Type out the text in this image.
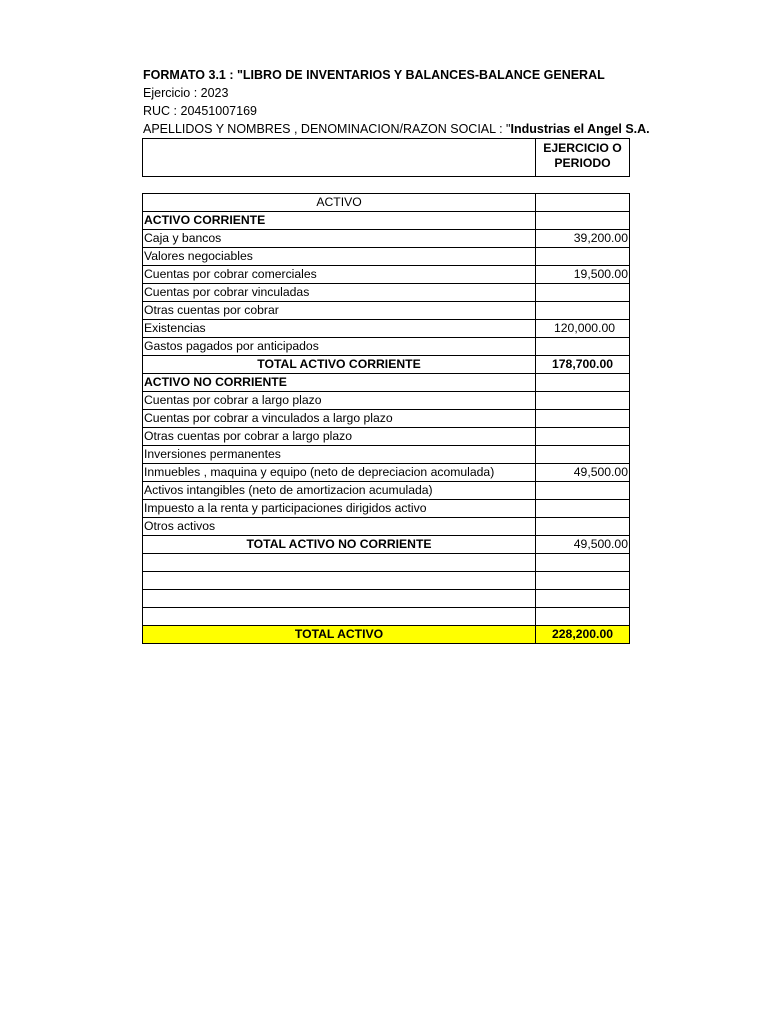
FORMATO 3.1 : "LIBRO DE INVENTARIOS Y BALANCES-BALANCE GENERAL
Ejercicio : 2023
RUC : 20451007169
APELLIDOS Y NOMBRES , DENOMINACION/RAZON SOCIAL : "Industrias el Angel S.A.

EJERCICIO O
PERIODO
ACTIVO	
ACTIVO CORRIENTE	
Caja y bancos	39,200.00
Valores negociables	
Cuentas por cobrar comerciales	19,500.00
Cuentas por cobrar vinculadas	
Otras cuentas por cobrar	
Existencias	120,000.00
Gastos pagados por anticipados	
TOTAL ACTIVO CORRIENTE	178,700.00
ACTIVO NO CORRIENTE	
Cuentas por cobrar a largo plazo	
Cuentas por cobrar a vinculados a largo plazo	
Otras cuentas por cobrar a largo plazo	
Inversiones permanentes	
Inmuebles , maquina y equipo (neto de depreciacion acomulada)	49,500.00
Activos intangibles (neto de amortizacion acumulada)	
Impuesto a la renta y participaciones dirigidos activo	
Otros activos	
TOTAL ACTIVO NO CORRIENTE	49,500.00

TOTAL ACTIVO	228,200.00
